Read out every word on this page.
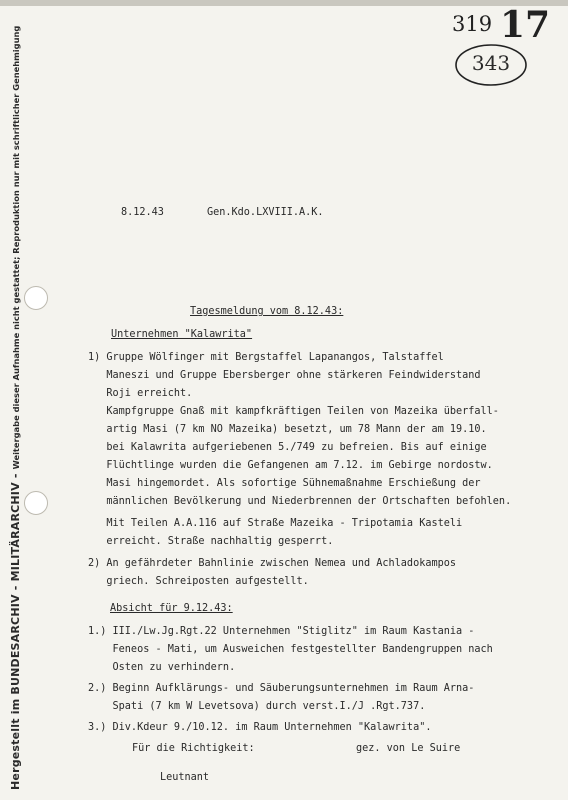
Hergestellt im BUNDESARCHIV - MILITÄRARCHIV -Weitergabe dieser Aufnahme nicht gestattet; Reproduktion nur mit schriftlicher Genehmigung
319 17
343
8.12.43	Gen.Kdo.LXVIII.A.K.
Tagesmeldung vom 8.12.43:
Unternehmen "Kalawrita"
1) Gruppe Wölfinger mit Bergstaffel Lapanangos, Talstaffel
Maneszi und Gruppe Ebersberger ohne stärkeren Feindwiderstand
Roji erreicht.
Kampfgruppe Gnaß mit kampfkräftigen Teilen von Mazeika überfall-
artig Masi (7 km NO Mazeika) besetzt, um 78 Mann der am 19.10.
bei Kalawrita aufgeriebenen 5./749 zu befreien. Bis auf einige
Flüchtlinge wurden die Gefangenen am 7.12. im Gebirge nordostw.
Masi hingemordet. Als sofortige Sühnemaßnahme Erschießung der
männlichen Bevölkerung und Niederbrennen der Ortschaften befohlen.
Mit Teilen A.A.116 auf Straße Mazeika - Tripotamia Kasteli
erreicht. Straße nachhaltig gesperrt.
2) An gefährdeter Bahnlinie zwischen Nemea und Achladokampos
griech. Schreiposten aufgestellt.
Absicht für 9.12.43:
1.) III./Lw.Jg.Rgt.22 Unternehmen "Stiglitz" im Raum Kastania -
Feneos - Mati, um Ausweichen festgestellter Bandengruppen nach
Osten zu verhindern.
2.) Beginn Aufklärungs- und Säuberungsunternehmen im Raum Arna-
Spati (7 km W Levetsova) durch verst.I./J .Rgt.737.
3.) Div.Kdeur 9./10.12. im Raum Unternehmen "Kalawrita".
Für die Richtigkeit:	gez. von Le Suire
Leutnant
